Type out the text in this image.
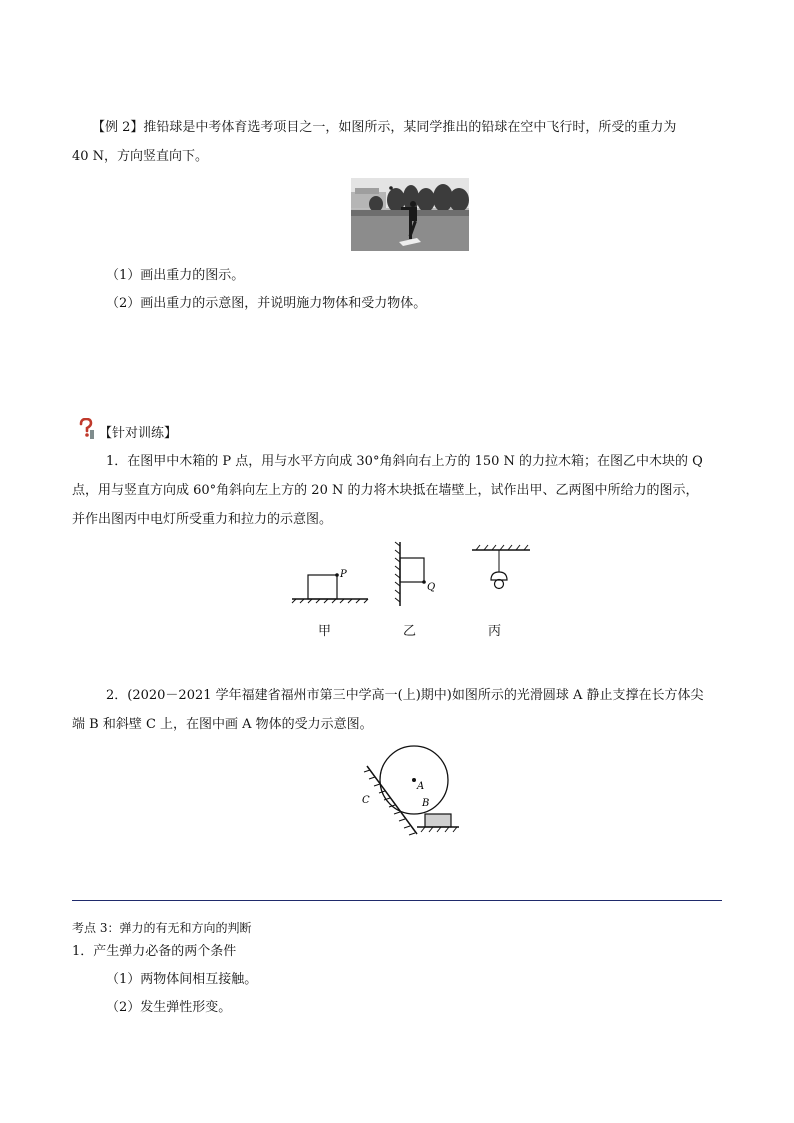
【例 2】推铅球是中考体育选考项目之一，如图所示，某同学推出的铅球在空中飞行时，所受的重力为
40 N，方向竖直向下。
（1）画出重力的图示。
（2）画出重力的示意图，并说明施力物体和受力物体。
【针对训练】
1．在图甲中木箱的 P 点，用与水平方向成 30°角斜向右上方的 150 N 的力拉木箱；在图乙中木块的 Q
点，用与竖直方向成 60°角斜向左上方的 20 N 的力将木块抵在墙壁上，试作出甲、乙两图中所给力的图示，
并作出图丙中电灯所受重力和拉力的示意图。
P
Q
甲	乙	丙
2．(2020－2021 学年福建省福州市第三中学高一(上)期中)如图所示的光滑圆球 A 静止支撑在长方体尖
端 B 和斜壁 C 上，在图中画 A 物体的受力示意图。
A
B
C
考点 3：弹力的有无和方向的判断
1．产生弹力必备的两个条件
（1）两物体间相互接触。
（2）发生弹性形变。
